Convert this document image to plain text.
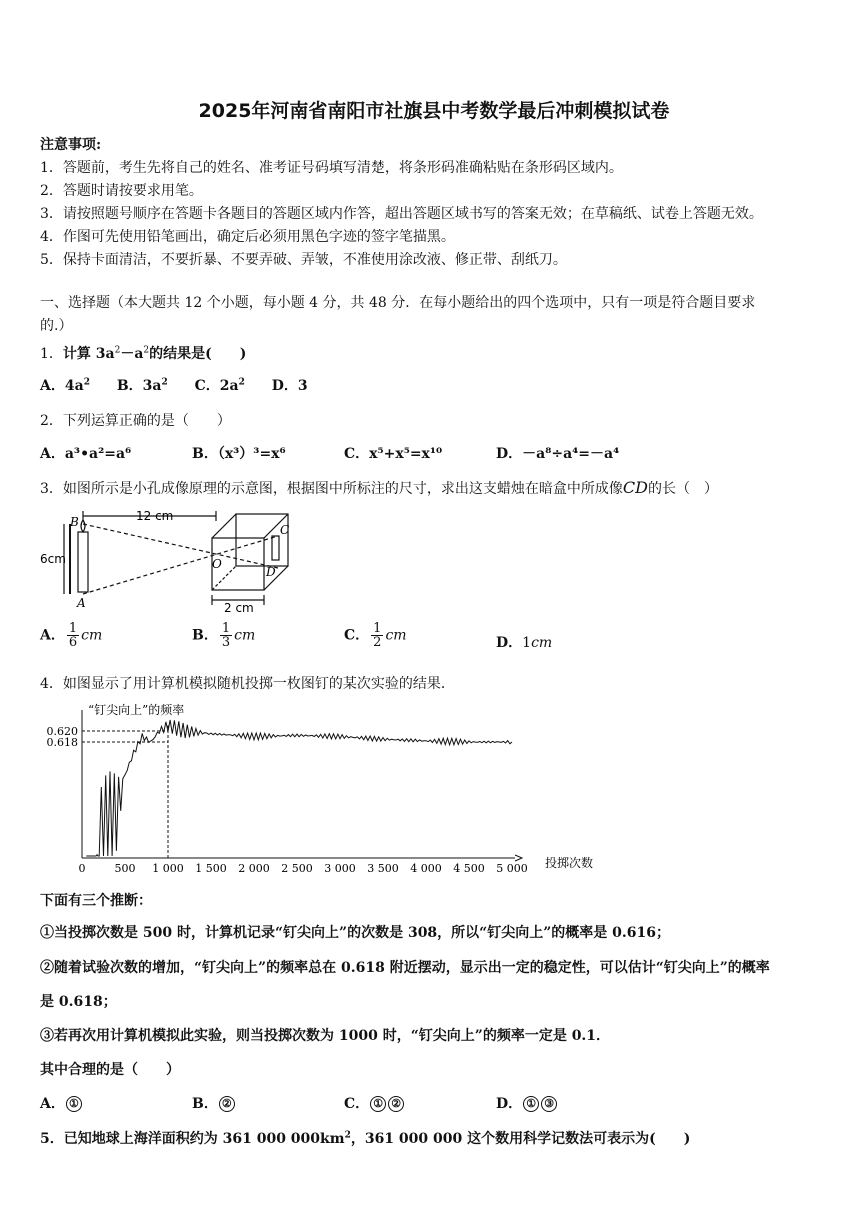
2025年河南省南阳市社旗县中考数学最后冲刺模拟试卷
注意事项:
1．答题前，考生先将自己的姓名、准考证号码填写清楚，将条形码准确粘贴在条形码区域内。
2．答题时请按要求用笔。
3．请按照题号顺序在答题卡各题目的答题区域内作答，超出答题区域书写的答案无效；在草稿纸、试卷上答题无效。
4．作图可先使用铅笔画出，确定后必须用黑色字迹的签字笔描黑。
5．保持卡面清洁，不要折暴、不要弄破、弄皱，不准使用涂改液、修正带、刮纸刀。
一、选择题（本大题共 12 个小题，每小题 4 分，共 48 分．在每小题给出的四个选项中，只有一项是符合题目要求
的.）
1．计算 $3a^2-a^2$的结果是(　　)
A．$4a^2$ B．$3a^2$ C．$2a^2$ D．3
2．下列运算正确的是（　　）
A．a³•a²=a⁶	B．（x³）³=x⁶	C．x⁵+x⁵=x¹⁰	D．－a⁸÷a⁴=－a⁴
3．如图所示是小孔成像原理的示意图，根据图中所标注的尺寸，求出这支蜡烛在暗盒中所成像CD的长（　）
12 cm
6cm
2 cm
B
A
O
D
C
A． $\frac{1}{6}$ cm	B． $\frac{1}{3}$ cm	C． $\frac{1}{2}$ cm	D．1cm
4．如图显示了用计算机模拟随机投掷一枚图钉的某次实验的结果．
“钉尖向上”的频率
投掷次数
0	500 1 000 1 500 2 000 2 500 3 000 3 500 4 000 4 500 5 000
0.618
0.620
下面有三个推断：
①当投掷次数是 500 时，计算机记录“钉尖向上”的次数是 308，所以“钉尖向上”的概率是 0.616；
②随着试验次数的增加，“钉尖向上”的频率总在 0.618 附近摆动，显示出一定的稳定性，可以估计“钉尖向上”的概率
是 0.618；
③若再次用计算机模拟此实验，则当投掷次数为 1000 时，“钉尖向上”的频率一定是 0.1．
其中合理的是（　　）
A． ①	B． ②	C． ① ②	D． ① ③
5．已知地球上海洋面积约为 361 000 $000km^2$，361 000 000 这个数用科学记数法可表示为(　　)
